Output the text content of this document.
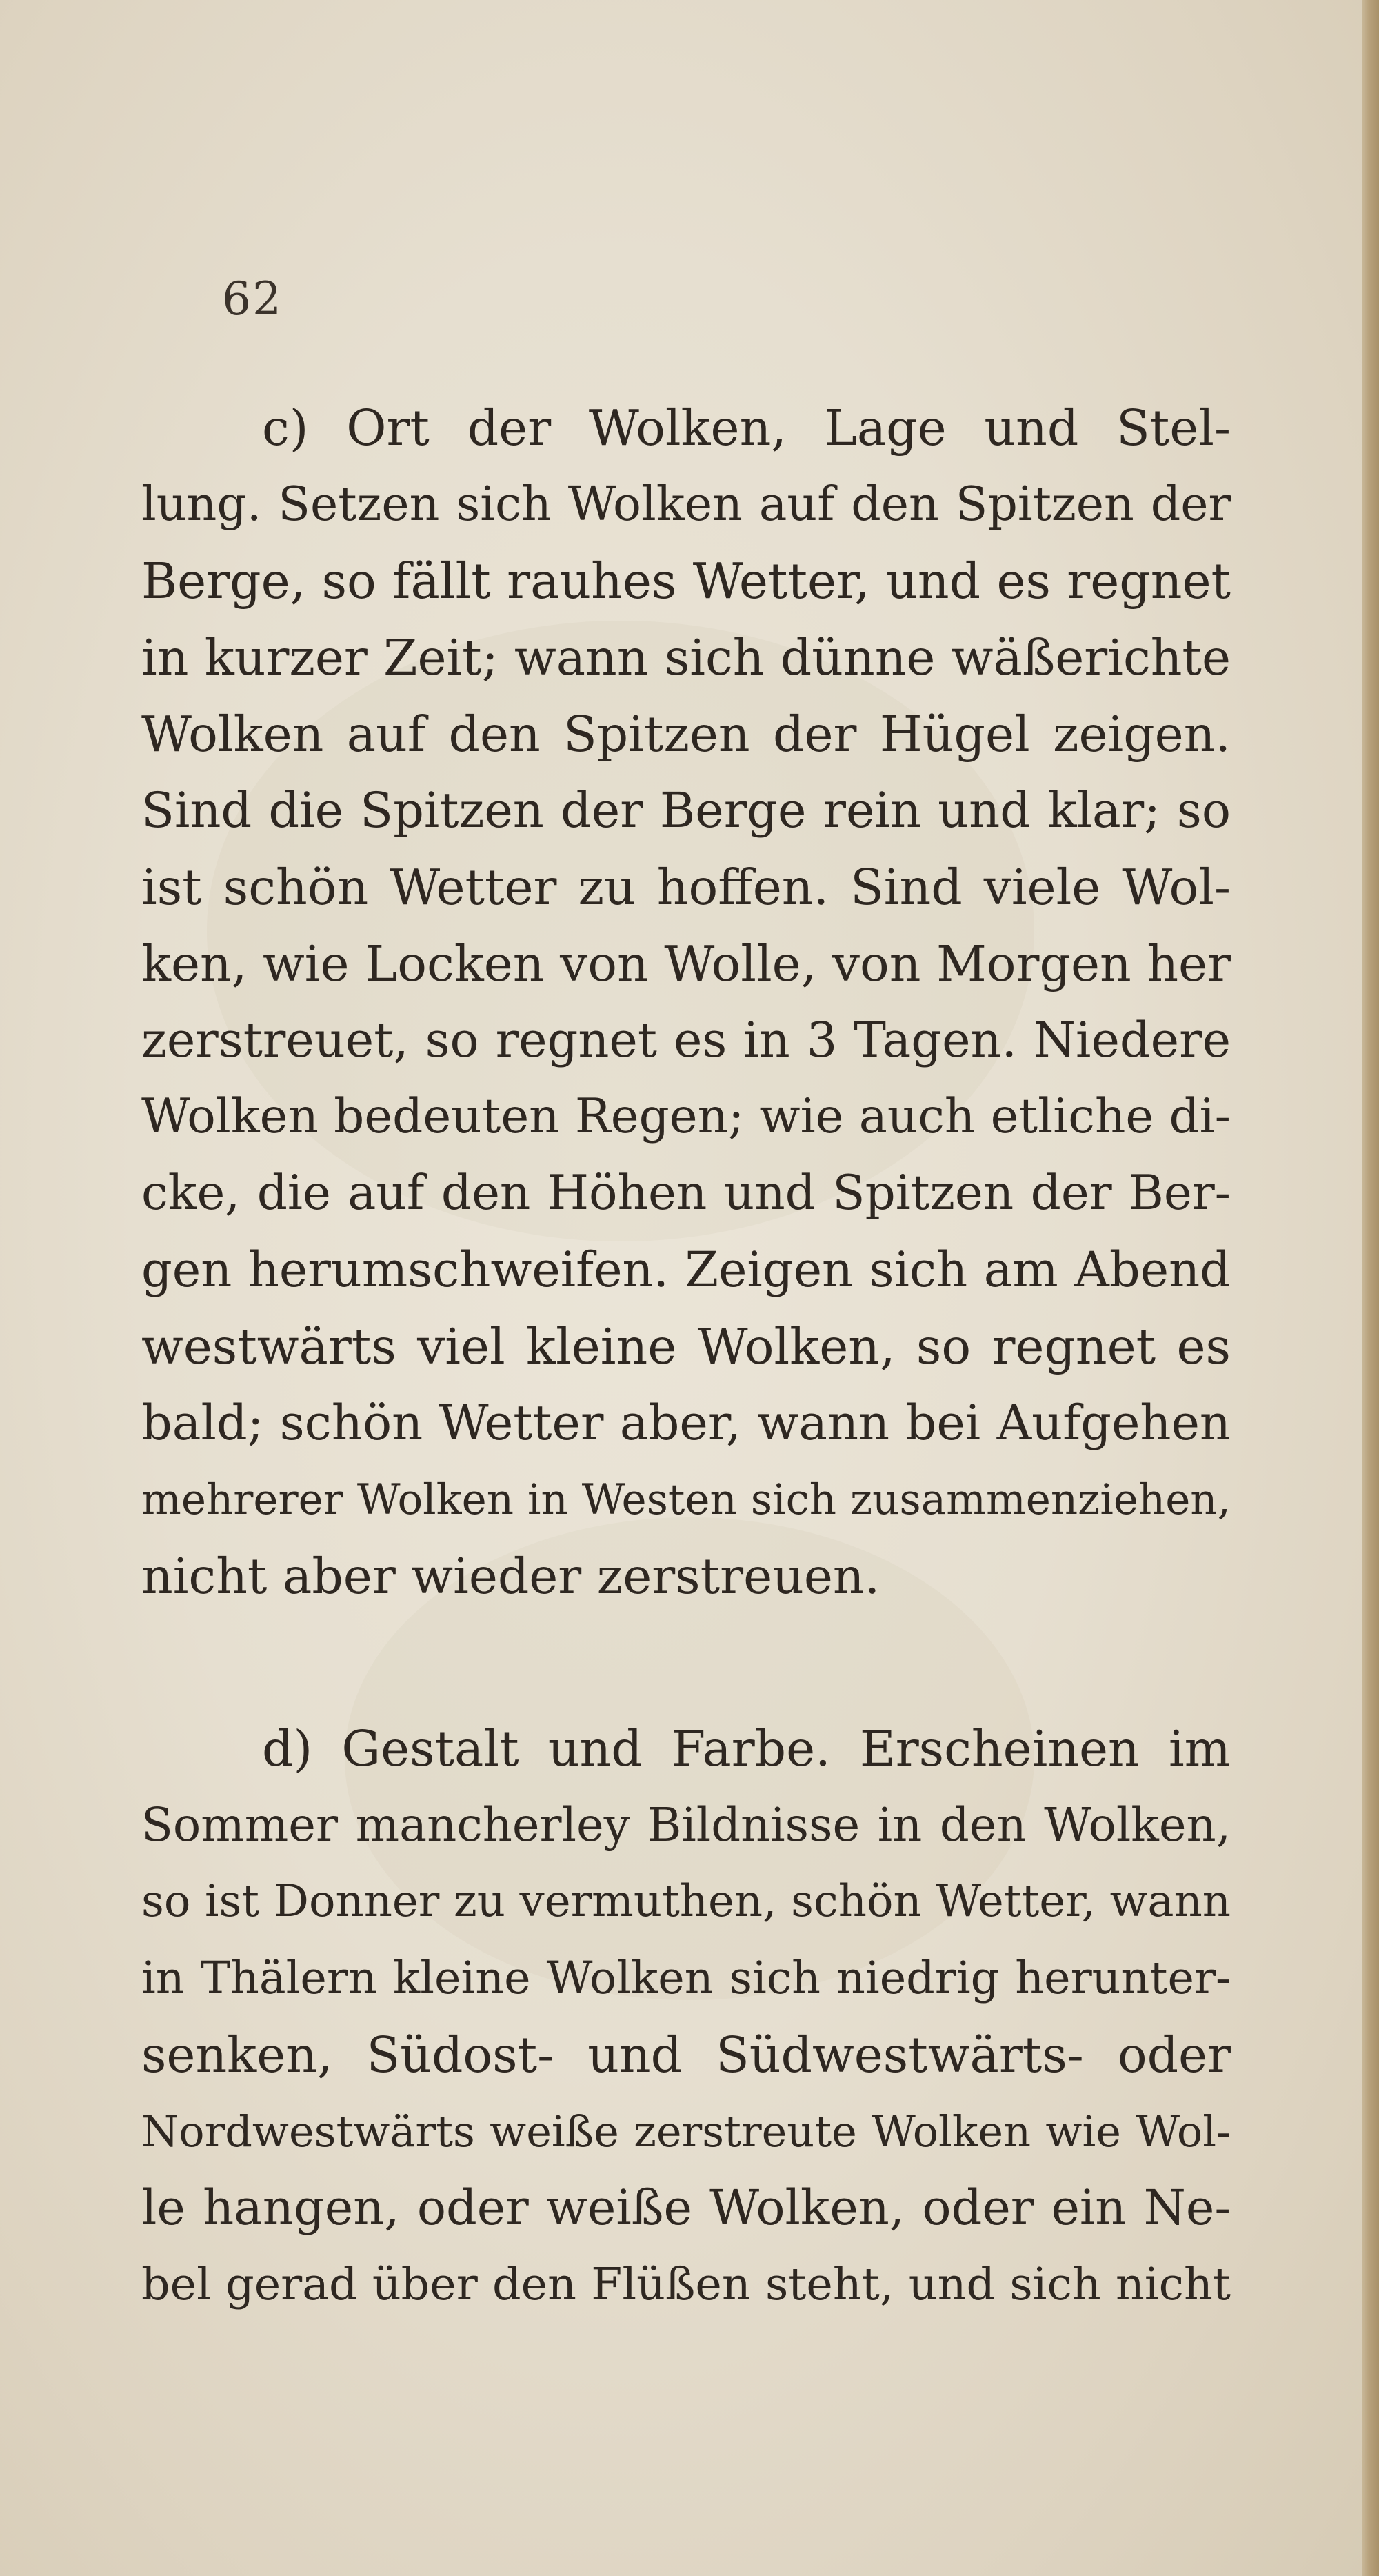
62
c) Ort der Wolken, Lage und Stel-
lung. Setzen sich Wolken auf den Spitzen der
Berge, so fällt rauhes Wetter, und es regnet
in kurzer Zeit; wann sich dünne wäßerichte
Wolken auf den Spitzen der Hügel zeigen.
Sind die Spitzen der Berge rein und klar; so
ist schön Wetter zu hoffen. Sind viele Wol-
ken, wie Locken von Wolle, von Morgen her
zerstreuet, so regnet es in 3 Tagen. Niedere
Wolken bedeuten Regen; wie auch etliche di-
cke, die auf den Höhen und Spitzen der Ber-
gen herumschweifen. Zeigen sich am Abend
westwärts viel kleine Wolken, so regnet es
bald; schön Wetter aber, wann bei Aufgehen
mehrerer Wolken in Westen sich zusammenziehen,
nicht aber wieder zerstreuen.
d) Gestalt und Farbe. Erscheinen im
Sommer mancherley Bildnisse in den Wolken,
so ist Donner zu vermuthen, schön Wetter, wann
in Thälern kleine Wolken sich niedrig herunter-
senken, Südost- und Südwestwärts- oder
Nordwestwärts weiße zerstreute Wolken wie Wol-
le hangen, oder weiße Wolken, oder ein Ne-
bel gerad über den Flüßen steht, und sich nicht
